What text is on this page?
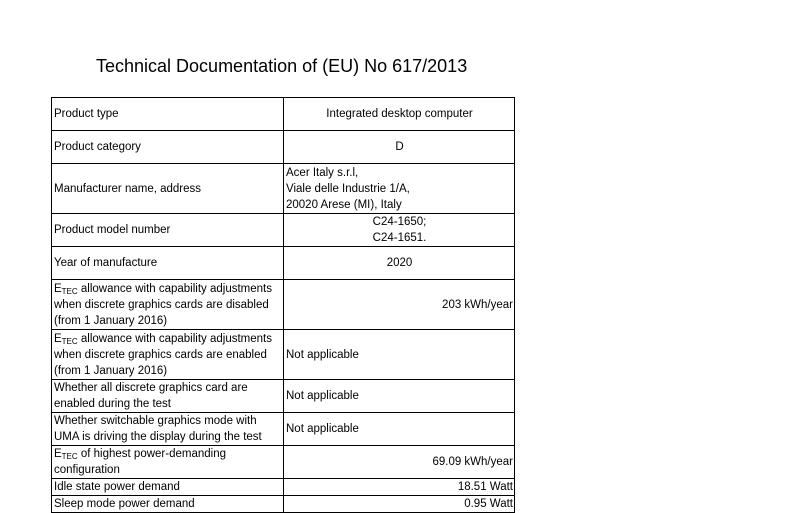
Technical Documentation of (EU) No 617/2013
Product type	Integrated desktop computer
Product category	D
Manufacturer name, address	Acer Italy s.r.l,
Viale delle Industrie 1/A,
20020 Arese (MI), Italy

Product model number	C24-1650;
C24-1651.

Year of manufacture	2020
$E_{TEC}$ allowance with capability adjustments when discrete graphics cards are disabled (from 1 January 2016)	203 kWh/year
$E_{TEC}$ allowance with capability adjustments when discrete graphics cards are enabled (from 1 January 2016)	Not applicable
Whether all discrete graphics card are enabled during the test	Not applicable
Whether switchable graphics mode with UMA is driving the display during the test	Not applicable
$E_{TEC}$ of highest power-demanding configuration	69.09 kWh/year
Idle state power demand	18.51 Watt
Sleep mode power demand	0.95 Watt
